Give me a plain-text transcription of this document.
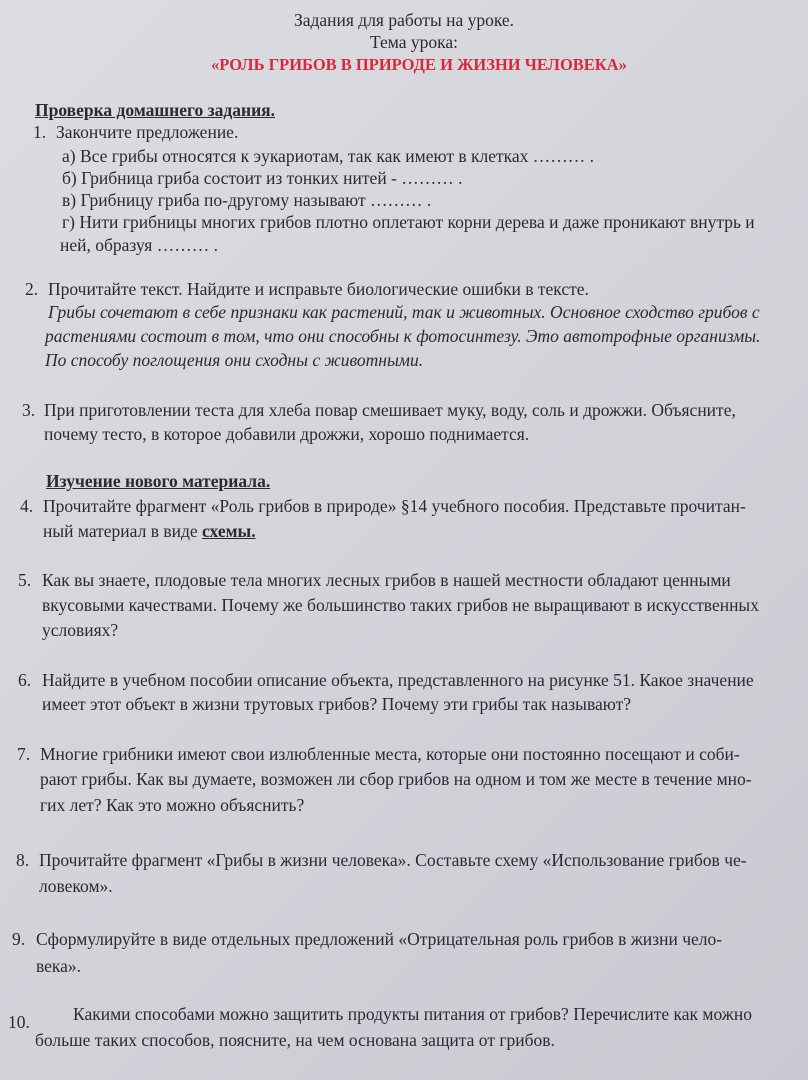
Задания для работы на уроке.
Тема урока:
«РОЛЬ ГРИБОВ В ПРИРОДЕ И ЖИЗНИ ЧЕЛОВЕКА»
Проверка домашнего задания.
1. Закончите предложение.
а) Все грибы относятся к эукариотам, так как имеют в клетках ……… .
б) Грибница гриба состоит из тонких нитей - ……… .
в) Грибницу гриба по-другому называют ……… .
г) Нити грибницы многих грибов плотно оплетают корни дерева и даже проникают внутрь и
ней, образуя ……… .
2. Прочитайте текст. Найдите и исправьте биологические ошибки в тексте.
Грибы сочетают в себе признаки как растений, так и животных. Основное сходство грибов с
растениями состоит в том, что они способны к фотосинтезу. Это автотрофные организмы.
По способу поглощения они сходны с животными.
3. При приготовлении теста для хлеба повар смешивает муку, воду, соль и дрожжи. Объясните,
почему тесто, в которое добавили дрожжи, хорошо поднимается.
Изучение нового материала.
4. Прочитайте фрагмент «Роль грибов в природе» §14 учебного пособия. Представьте прочитан-
ный материал в виде схемы.
5. Как вы знаете, плодовые тела многих лесных грибов в нашей местности обладают ценными
вкусовыми качествами. Почему же большинство таких грибов не выращивают в искусственных
условиях?
6. Найдите в учебном пособии описание объекта, представленного на рисунке 51. Какое значение
имеет этот объект в жизни трутовых грибов? Почему эти грибы так называют?
7. Многие грибники имеют свои излюбленные места, которые они постоянно посещают и соби-
рают грибы. Как вы думаете, возможен ли сбор грибов на одном и том же месте в течение мно-
гих лет? Как это можно объяснить?
8. Прочитайте фрагмент «Грибы в жизни человека». Составьте схему «Использование грибов че-
ловеком».
9. Сформулируйте в виде отдельных предложений «Отрицательная роль грибов в жизни чело-
века».
10. Какими способами можно защитить продукты питания от грибов? Перечислите как можно
больше таких способов, поясните, на чем основана защита от грибов.
